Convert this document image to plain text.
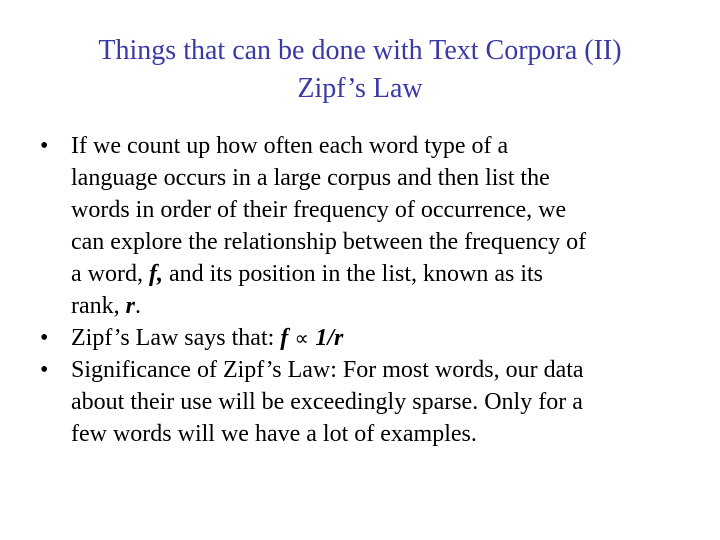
Things that can be done with Text Corpora (II)
Zipf’s Law
• If we count up how often each word type of a
language occurs in a large corpus and then list the
words in order of their frequency of occurrence, we
can explore the relationship between the frequency of
a word, f, and its position in the list, known as its
rank, r.
• Zipf’s Law says that: f ∝ 1/r
• Significance of Zipf’s Law: For most words, our data
about their use will be exceedingly sparse. Only for a
few words will we have a lot of examples.
